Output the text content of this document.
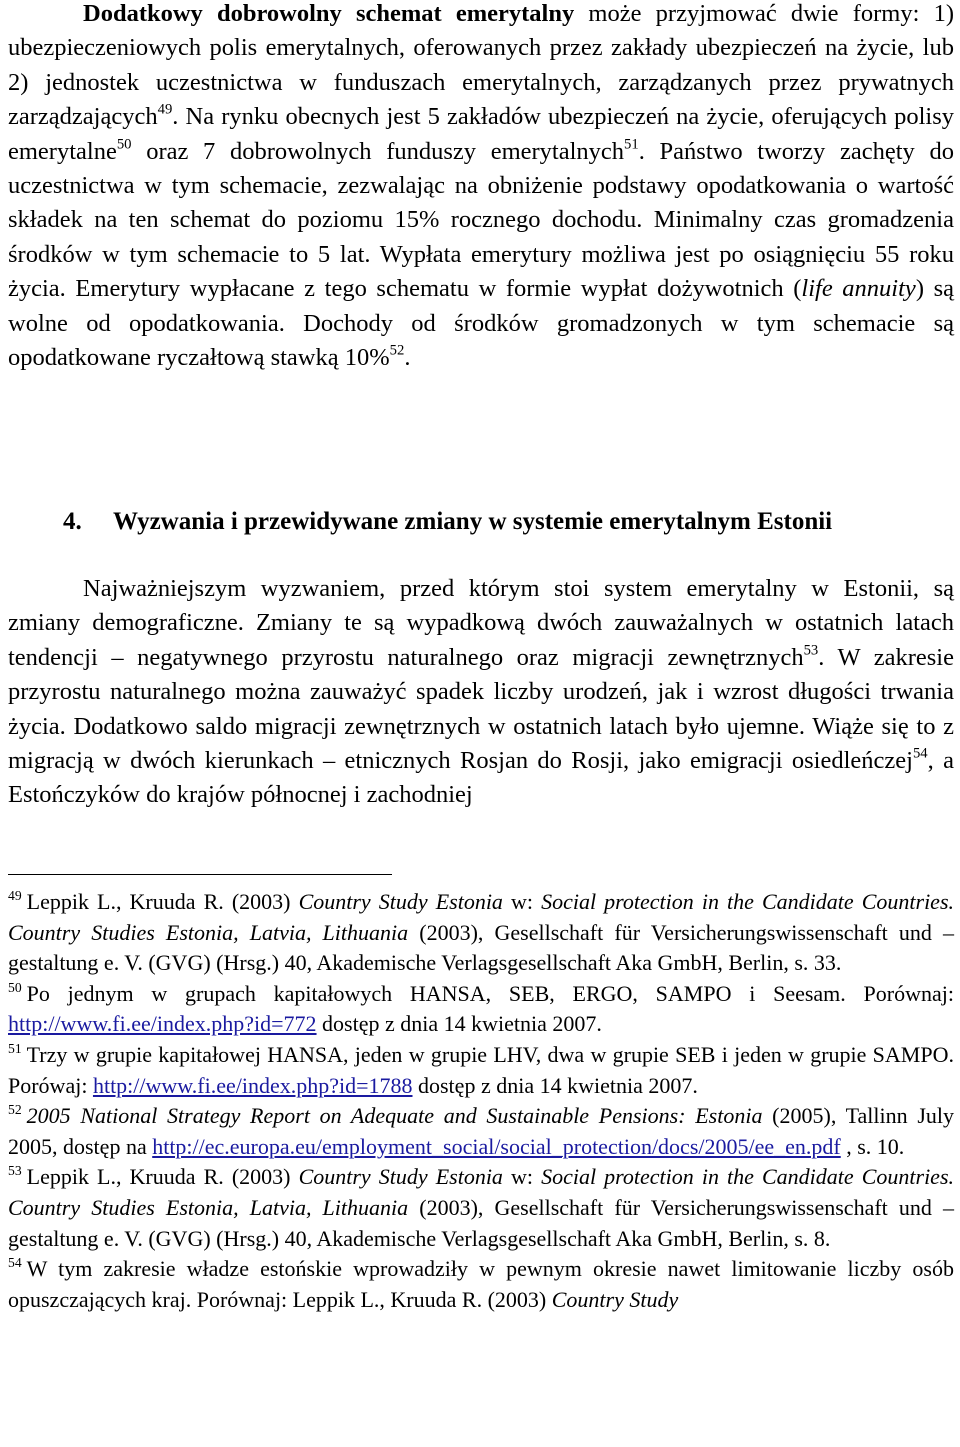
Dodatkowy dobrowolny schemat emerytalny może przyjmować dwie formy: 1) ubezpieczeniowych polis emerytalnych, oferowanych przez zakłady ubezpieczeń na życie, lub 2) jednostek uczestnictwa w funduszach emerytalnych, zarządzanych przez prywatnych zarządzających$^{49}$. Na rynku obecnych jest 5 zakładów ubezpieczeń na życie, oferujących polisy emerytalne$^{50}$ oraz 7 dobrowolnych funduszy emerytalnych$^{51}$. Państwo tworzy zachęty do uczestnictwa w tym schemacie, zezwalając na obniżenie podstawy opodatkowania o wartość składek na ten schemat do poziomu 15% rocznego dochodu. Minimalny czas gromadzenia środków w tym schemacie to 5 lat. Wypłata emerytury możliwa jest po osiągnięciu 55 roku życia. Emerytury wypłacane z tego schematu w formie wypłat dożywotnich (life annuity) są wolne od opodatkowania. Dochody od środków gromadzonych w tym schemacie są opodatkowane ryczałtową stawką 10%$^{52}$.

4. Wyzwania i przewidywane zmiany w systemie emerytalnym Estonii

Najważniejszym wyzwaniem, przed którym stoi system emerytalny w Estonii, są zmiany demograficzne. Zmiany te są wypadkową dwóch zauważalnych w ostatnich latach tendencji – negatywnego przyrostu naturalnego oraz migracji zewnętrznych$^{53}$. W zakresie przyrostu naturalnego można zauważyć spadek liczby urodzeń, jak i wzrost długości trwania życia. Dodatkowo saldo migracji zewnętrznych w ostatnich latach było ujemne. Wiąże się to z migracją w dwóch kierunkach – etnicznych Rosjan do Rosji, jako emigracji osiedleńczej$^{54}$, a Estończyków do krajów północnej i zachodniej

$^{49}$ Leppik L., Kruuda R. (2003) Country Study Estonia w: Social protection in the Candidate Countries. Country Studies Estonia, Latvia, Lithuania (2003), Gesellschaft für Versicherungswissenschaft und – gestaltung e. V. (GVG) (Hrsg.) 40, Akademische Verlagsgesellschaft Aka GmbH, Berlin, s. 33.

$^{50}$ Po jednym w grupach kapitałowych HANSA, SEB, ERGO, SAMPO i Seesam. Porównaj: http://www.fi.ee/index.php?id=772 dostęp z dnia 14 kwietnia 2007.

$^{51}$ Trzy w grupie kapitałowej HANSA, jeden w grupie LHV, dwa w grupie SEB i jeden w grupie SAMPO. Porówaj: http://www.fi.ee/index.php?id=1788 dostęp z dnia 14 kwietnia 2007.

$^{52}$ 2005 National Strategy Report on Adequate and Sustainable Pensions: Estonia (2005), Tallinn July 2005, dostęp na http://ec.europa.eu/employment_social/social_protection/docs/2005/ee_en.pdf , s. 10.

$^{53}$ Leppik L., Kruuda R. (2003) Country Study Estonia w: Social protection in the Candidate Countries. Country Studies Estonia, Latvia, Lithuania (2003), Gesellschaft für Versicherungswissenschaft und – gestaltung e. V. (GVG) (Hrsg.) 40, Akademische Verlagsgesellschaft Aka GmbH, Berlin, s. 8.

$^{54}$ W tym zakresie władze estońskie wprowadziły w pewnym okresie nawet limitowanie liczby osób opuszczających kraj. Porównaj: Leppik L., Kruuda R. (2003) Country Study
